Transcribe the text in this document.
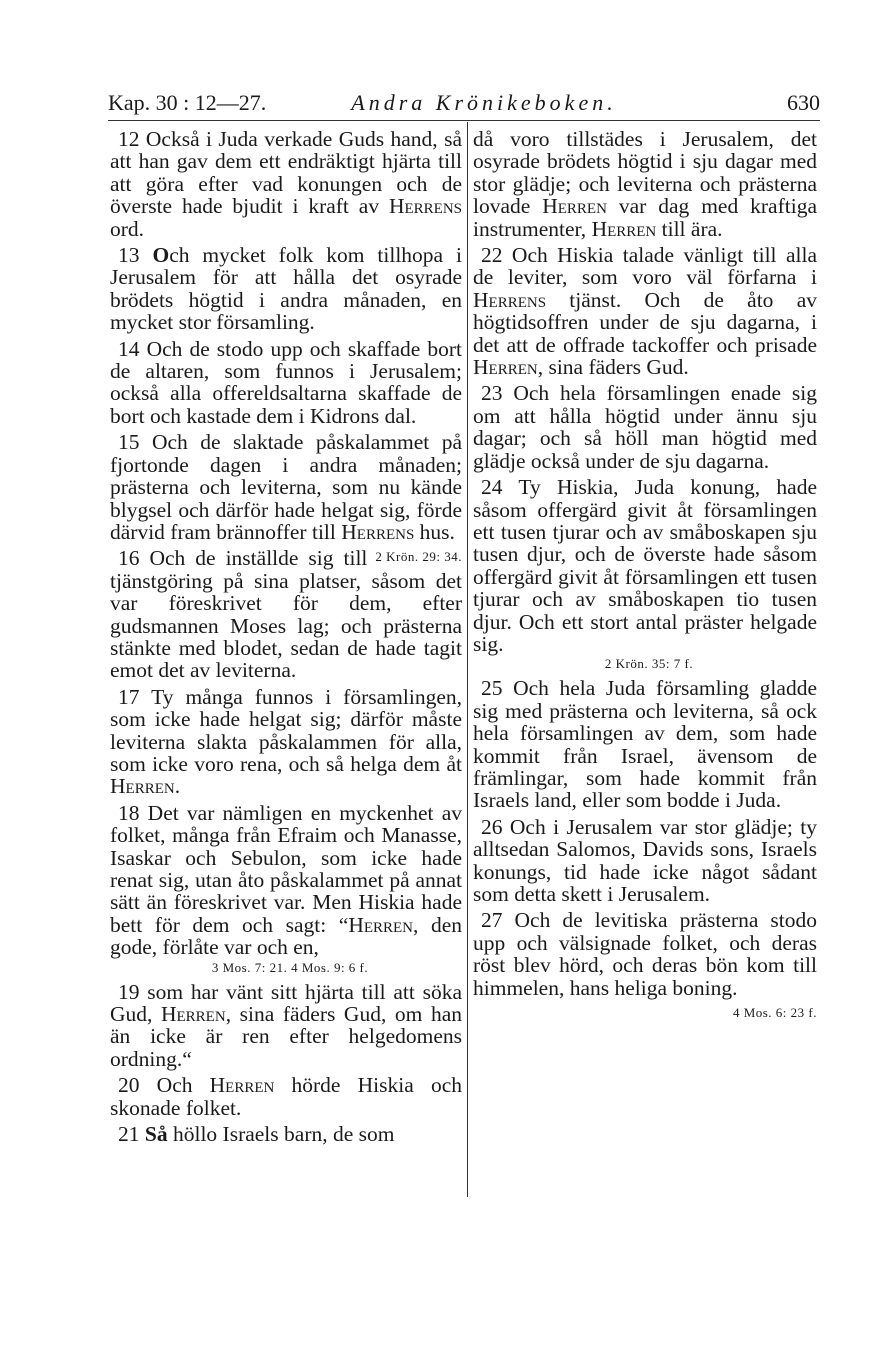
Kap. 30 : 12—27.	Andra Krönikeboken.	630

12 Också i Juda verkade Guds hand, så att han gav dem ett endräktigt hjärta till att göra efter vad konungen och de överste hade bjudit i kraft av Herrens ord.

13 Och mycket folk kom tillhopa i Jerusalem för att hålla det osyrade brödets högtid i andra månaden, en mycket stor församling.

14 Och de stodo upp och skaffade bort de altaren, som funnos i Jerusalem; också alla offereldsaltarna skaffade de bort och kastade dem i Kidrons dal.

15 Och de slaktade påskalammet på fjortonde dagen i andra månaden; prästerna och leviterna, som nu kände blygsel och därför hade helgat sig, förde därvid fram brännoffer till Herrens hus.
2 Krön. 29: 34.

16 Och de inställde sig till tjänstgöring på sina platser, såsom det var föreskrivet för dem, efter gudsmannen Moses lag; och prästerna stänkte med blodet, sedan de hade tagit emot det av leviterna.

17 Ty många funnos i församlingen, som icke hade helgat sig; därför måste leviterna slakta påskalammen för alla, som icke voro rena, och så helga dem åt Herren.

18 Det var nämligen en myckenhet av folket, många från Efraim och Manasse, Isaskar och Sebulon, som icke hade renat sig, utan åto påskalammet på annat sätt än föreskrivet var. Men Hiskia hade bett för dem och sagt: “Herren, den gode, förlåte var och en,
3 Mos. 7: 21. 4 Mos. 9: 6 f.

19 som har vänt sitt hjärta till att söka Gud, Herren, sina fäders Gud, om han än icke är ren efter helgedomens ordning.“

20 Och Herren hörde Hiskia och skonade folket.

21 Så höllo Israels barn, de som

då voro tillstädes i Jerusalem, det osyrade brödets högtid i sju dagar med stor glädje; och leviterna och prästerna lovade Herren var dag med kraftiga instrumenter, Herren till ära.

22 Och Hiskia talade vänligt till alla de leviter, som voro väl förfarna i Herrens tjänst. Och de åto av högtidsoffren under de sju dagarna, i det att de offrade tackoffer och prisade Herren, sina fäders Gud.

23 Och hela församlingen enade sig om att hålla högtid under ännu sju dagar; och så höll man högtid med glädje också under de sju dagarna.

24 Ty Hiskia, Juda konung, hade såsom offergärd givit åt församlingen ett tusen tjurar och av småboskapen sju tusen djur, och de överste hade såsom offergärd givit åt församlingen ett tusen tjurar och av småboskapen tio tusen djur. Och ett stort antal präster helgade sig.
2 Krön. 35: 7 f.

25 Och hela Juda församling gladde sig med prästerna och leviterna, så ock hela församlingen av dem, som hade kommit från Israel, ävensom de främlingar, som hade kommit från Israels land, eller som bodde i Juda.

26 Och i Jerusalem var stor glädje; ty alltsedan Salomos, Davids sons, Israels konungs, tid hade icke något sådant som detta skett i Jerusalem.

27 Och de levitiska prästerna stodo upp och välsignade folket, och deras röst blev hörd, och deras bön kom till himmelen, hans heliga boning.
4 Mos. 6: 23 f.
